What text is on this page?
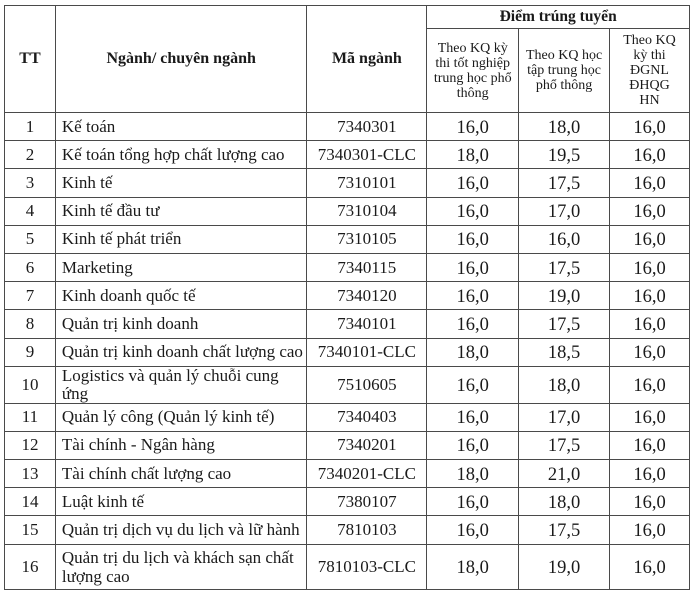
TT	Ngành/ chuyên ngành	Mã ngành	Điểm trúng tuyển		
			Theo KQ kỳ thi tốt nghiệp trung học phổ thông	Theo KQ học tập trung học phổ thông	Theo KQ kỳ thi ĐGNL ĐHQG HN
1	Kế toán	7340301	16,0	18,0	16,0
2	Kế toán tổng hợp chất lượng cao	7340301-CLC	18,0	19,5	16,0
3	Kinh tế	7310101	16,0	17,5	16,0
4	Kinh tế đầu tư	7310104	16,0	17,0	16,0
5	Kinh tế phát triển	7310105	16,0	16,0	16,0
6	Marketing	7340115	16,0	17,5	16,0
7	Kinh doanh quốc tế	7340120	16,0	19,0	16,0
8	Quản trị kinh doanh	7340101	16,0	17,5	16,0
9	Quản trị kinh doanh chất lượng cao	7340101-CLC	18,0	18,5	16,0
10	Logistics và quản lý chuỗi cung ứng	7510605	16,0	18,0	16,0
11	Quản lý công (Quản lý kinh tế)	7340403	16,0	17,0	16,0
12	Tài chính - Ngân hàng	7340201	16,0	17,5	16,0
13	Tài chính chất lượng cao	7340201-CLC	18,0	21,0	16,0
14	Luật kinh tế	7380107	16,0	18,0	16,0
15	Quản trị dịch vụ du lịch và lữ hành	7810103	16,0	17,5	16,0
16	Quản trị du lịch và khách sạn chất lượng cao	7810103-CLC	18,0	19,0	16,0
